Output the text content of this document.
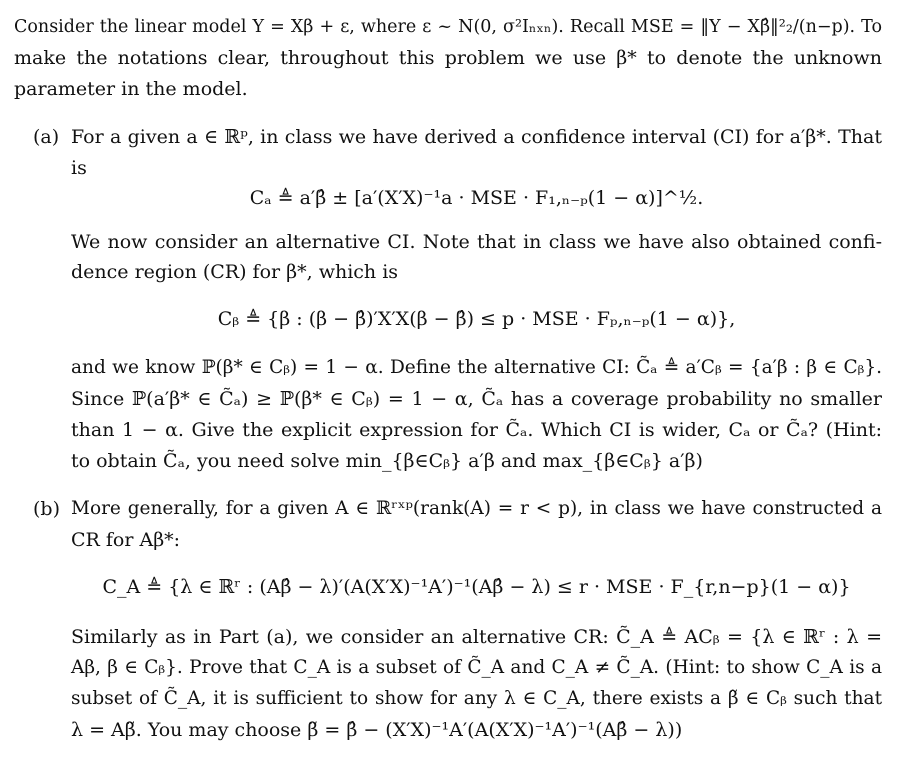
Consider the linear model Y = Xβ + ε, where ε ~ N(0, σ²Iₙₓₙ). Recall MSE = ‖Y − Xβ̂‖²₂/(n−p). To
make the notations clear, throughout this problem we use β* to denote the unknown
parameter in the model.
(a) For a given a ∈ ℝᵖ, in class we have derived a confidence interval (CI) for a′β*. That
is
Cₐ ≜ a′β̂ ± [a′(X′X)⁻¹a · MSE · F₁,ₙ₋ₚ(1 − α)]^½.
We now consider an alternative CI. Note that in class we have also obtained confi-
dence region (CR) for β*, which is
Cᵦ ≜ {β : (β − β̂)′X′X(β − β̂) ≤ p · MSE · Fₚ,ₙ₋ₚ(1 − α)},
and we know ℙ(β* ∈ Cᵦ) = 1 − α. Define the alternative CI: C̃ₐ ≜ a′Cᵦ = {a′β : β ∈ Cᵦ}.
Since ℙ(a′β* ∈ C̃ₐ) ≥ ℙ(β* ∈ Cᵦ) = 1 − α, C̃ₐ has a coverage probability no smaller
than 1 − α. Give the explicit expression for C̃ₐ. Which CI is wider, Cₐ or C̃ₐ? (Hint:
to obtain C̃ₐ, you need solve min_{β∈Cᵦ} a′β and max_{β∈Cᵦ} a′β)
(b) More generally, for a given A ∈ ℝʳˣᵖ(rank(A) = r < p), in class we have constructed a
CR for Aβ*:
C_A ≜ {λ ∈ ℝʳ : (Aβ̂ − λ)′(A(X′X)⁻¹A′)⁻¹(Aβ̂ − λ) ≤ r · MSE · F_{r,n−p}(1 − α)}
Similarly as in Part (a), we consider an alternative CR: C̃_A ≜ ACᵦ = {λ ∈ ℝʳ : λ =
Aβ, β ∈ Cᵦ}. Prove that C_A is a subset of C̃_A and C_A ≠ C̃_A. (Hint: to show C_A is a
subset of C̃_A, it is sufficient to show for any λ ∈ C_A, there exists a β̃ ∈ Cᵦ such that
λ = Aβ̃. You may choose β̃ = β̂ − (X′X)⁻¹A′(A(X′X)⁻¹A′)⁻¹(Aβ̂ − λ))
